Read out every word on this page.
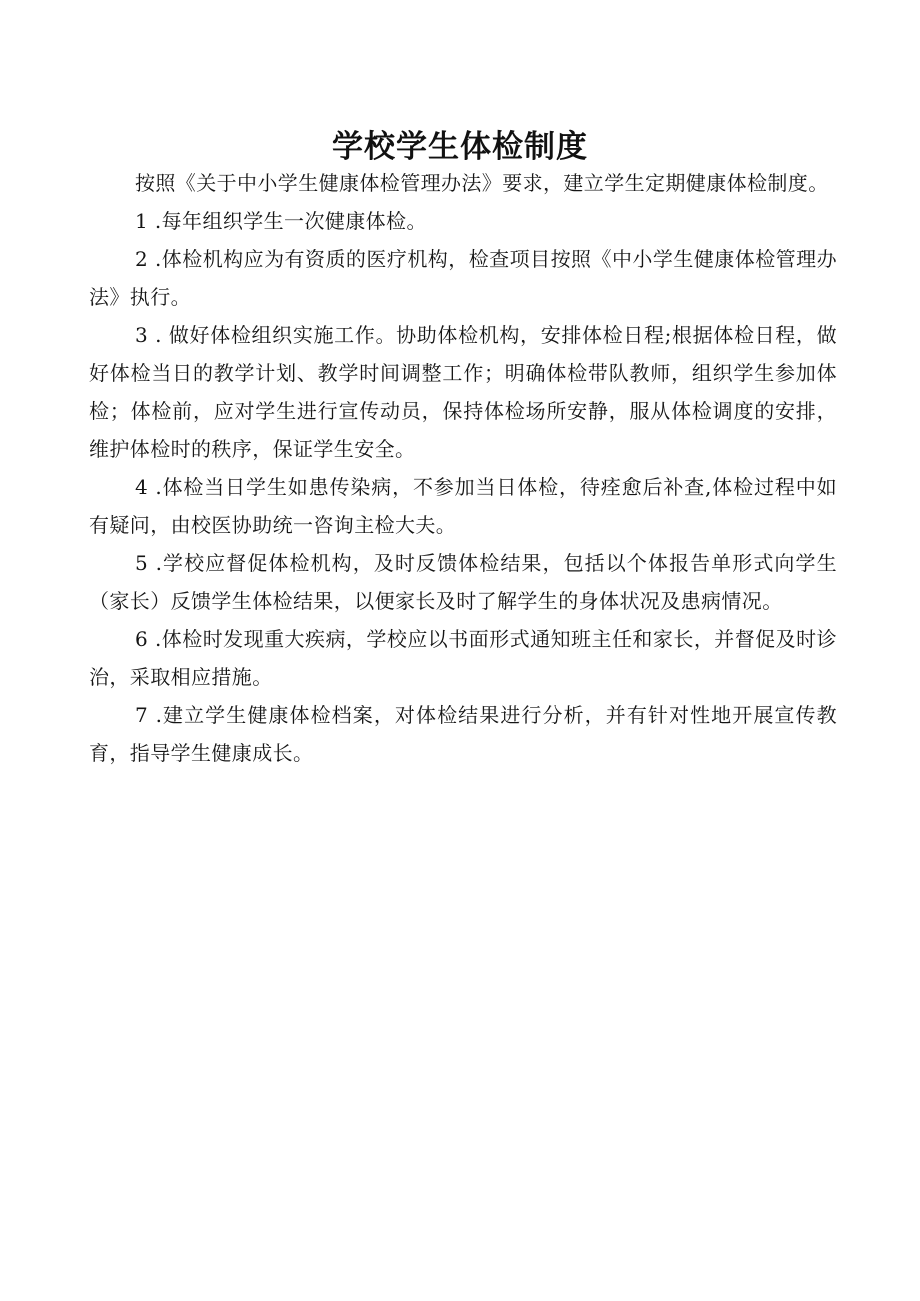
学校学生体检制度

按照《关于中小学生健康体检管理办法》要求，建立学生定期健康体检制度。

1 .每年组织学生一次健康体检。

2 .体检机构应为有资质的医疗机构，检查项目按照《中小学生健康体检管理办法》执行。

3 . 做好体检组织实施工作。协助体检机构，安排体检日程;根据体检日程，做好体检当日的教学计划、教学时间调整工作；明确体检带队教师，组织学生参加体检；体检前，应对学生进行宣传动员，保持体检场所安静，服从体检调度的安排，维护体检时的秩序，保证学生安全。

4 .体检当日学生如患传染病，不参加当日体检，待痊愈后补查,体检过程中如有疑问，由校医协助统一咨询主检大夫。

5 .学校应督促体检机构，及时反馈体检结果，包括以个体报告单形式向学生（家长）反馈学生体检结果，以便家长及时了解学生的身体状况及患病情况。

6 .体检时发现重大疾病，学校应以书面形式通知班主任和家长，并督促及时诊治，采取相应措施。

7 .建立学生健康体检档案，对体检结果进行分析，并有针对性地开展宣传教育，指导学生健康成长。
